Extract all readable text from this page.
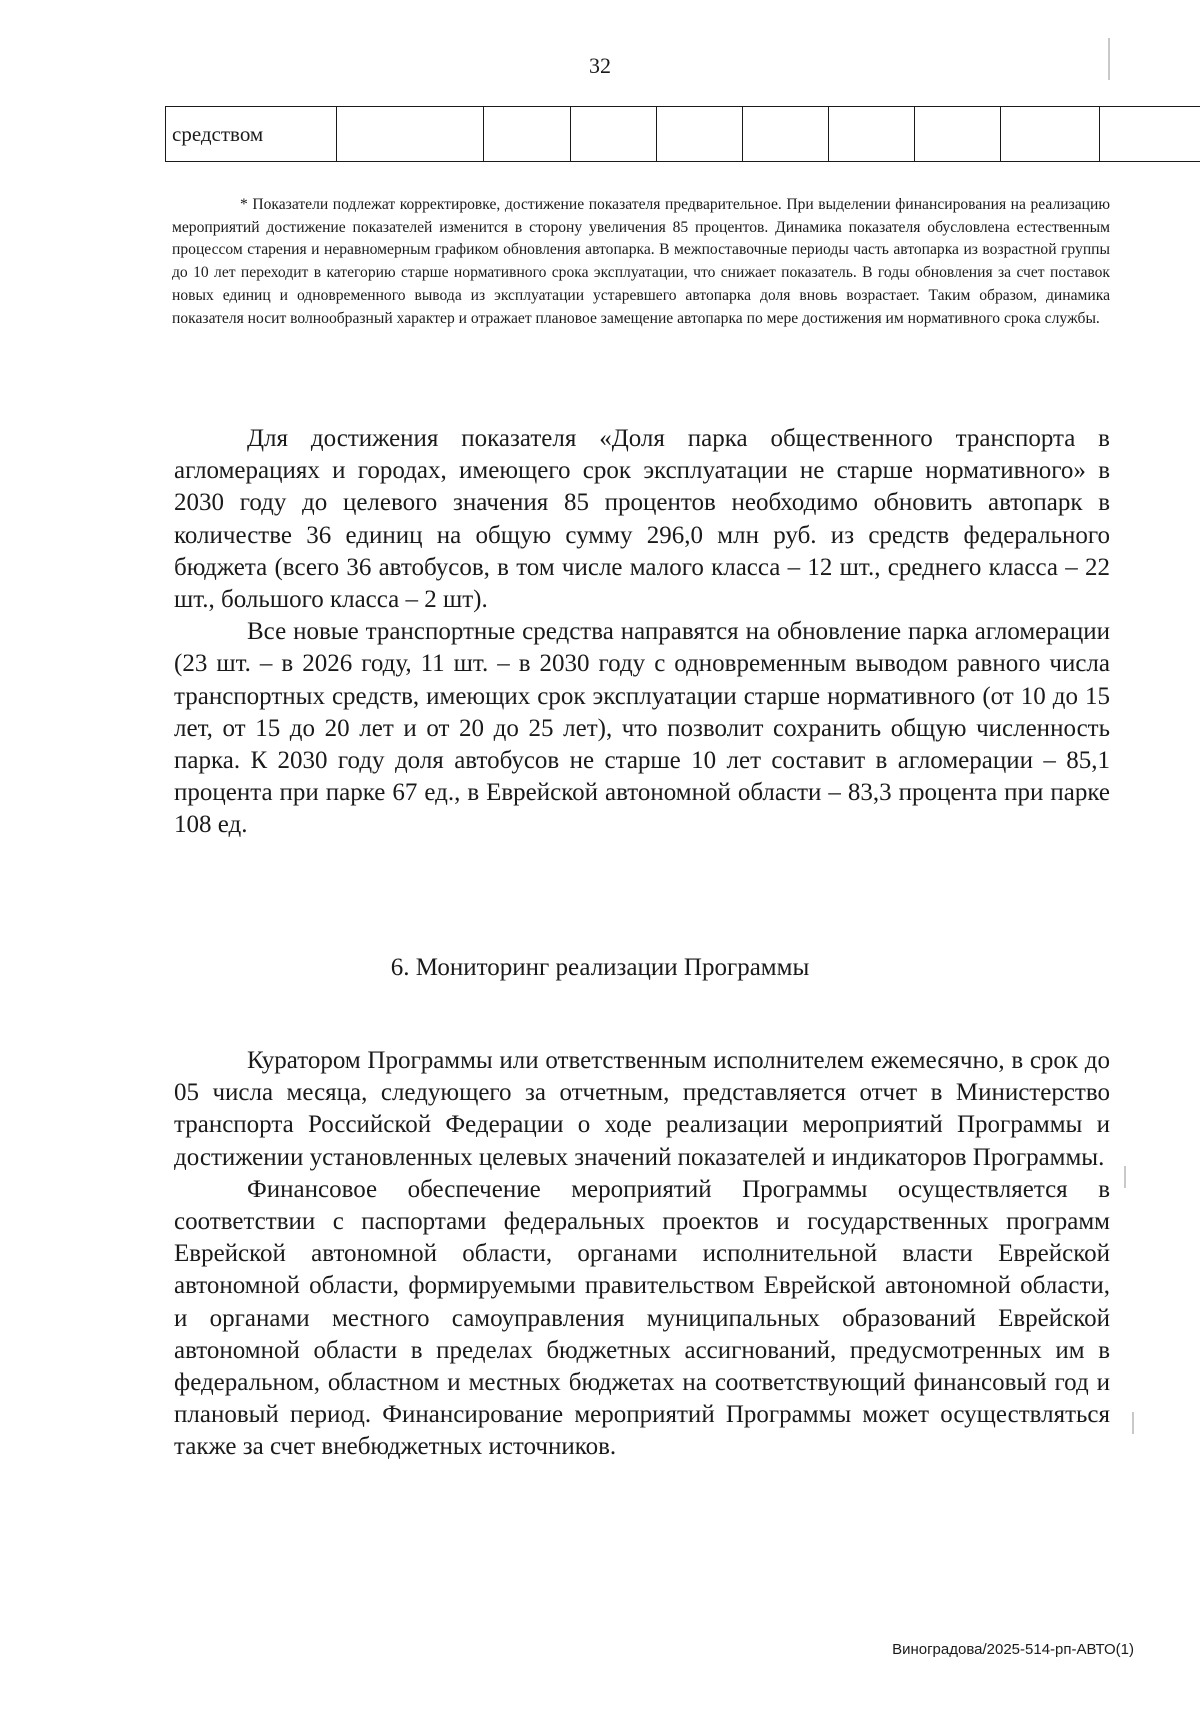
32
средством									

* Показатели подлежат корректировке, достижение показателя предварительное. При выделении финансирования на реализацию мероприятий достижение показателей изменится в сторону увеличения 85 процентов. Динамика показателя обусловлена естественным процессом старения и неравномерным графиком обновления автопарка. В межпоставочные периоды часть автопарка из возрастной группы до 10 лет переходит в категорию старше нормативного срока эксплуатации, что снижает показатель. В годы обновления за счет поставок новых единиц и одновременного вывода из эксплуатации устаревшего автопарка доля вновь возрастает. Таким образом, динамика показателя носит волнообразный характер и отражает плановое замещение автопарка по мере достижения им нормативного срока службы.

Для достижения показателя «Доля парка общественного транспорта в агломерациях и городах, имеющего срок эксплуатации не старше нормативного» в 2030 году до целевого значения 85 процентов необходимо обновить автопарк в количестве 36 единиц на общую сумму 296,0 млн руб. из средств федерального бюджета (всего 36 автобусов, в том числе малого класса – 12 шт., среднего класса – 22 шт., большого класса – 2 шт).

Все новые транспортные средства направятся на обновление парка агломерации (23 шт. – в 2026 году, 11 шт. – в 2030 году с одновременным выводом равного числа транспортных средств, имеющих срок эксплуатации старше нормативного (от 10 до 15 лет, от 15 до 20 лет и от 20 до 25 лет), что позволит сохранить общую численность парка. К 2030 году доля автобусов не старше 10 лет составит в агломерации – 85,1 процента при парке 67 ед., в Еврейской автономной области – 83,3 процента при парке 108 ед.

6. Мониторинг реализации Программы

Куратором Программы или ответственным исполнителем ежемесячно, в срок до 05 числа месяца, следующего за отчетным, представляется отчет в Министерство транспорта Российской Федерации о ходе реализации мероприятий Программы и достижении установленных целевых значений показателей и индикаторов Программы.

Финансовое обеспечение мероприятий Программы осуществляется в соответствии с паспортами федеральных проектов и государственных программ Еврейской автономной области, органами исполнительной власти Еврейской автономной области, формируемыми правительством Еврейской автономной области, и органами местного самоуправления муниципальных образований Еврейской автономной области в пределах бюджетных ассигнований, предусмотренных им в федеральном, областном и местных бюджетах на соответствующий финансовый год и плановый период. Финансирование мероприятий Программы может осуществляться также за счет внебюджетных источников.

Виноградова/2025-514-рп-АВТО(1)
